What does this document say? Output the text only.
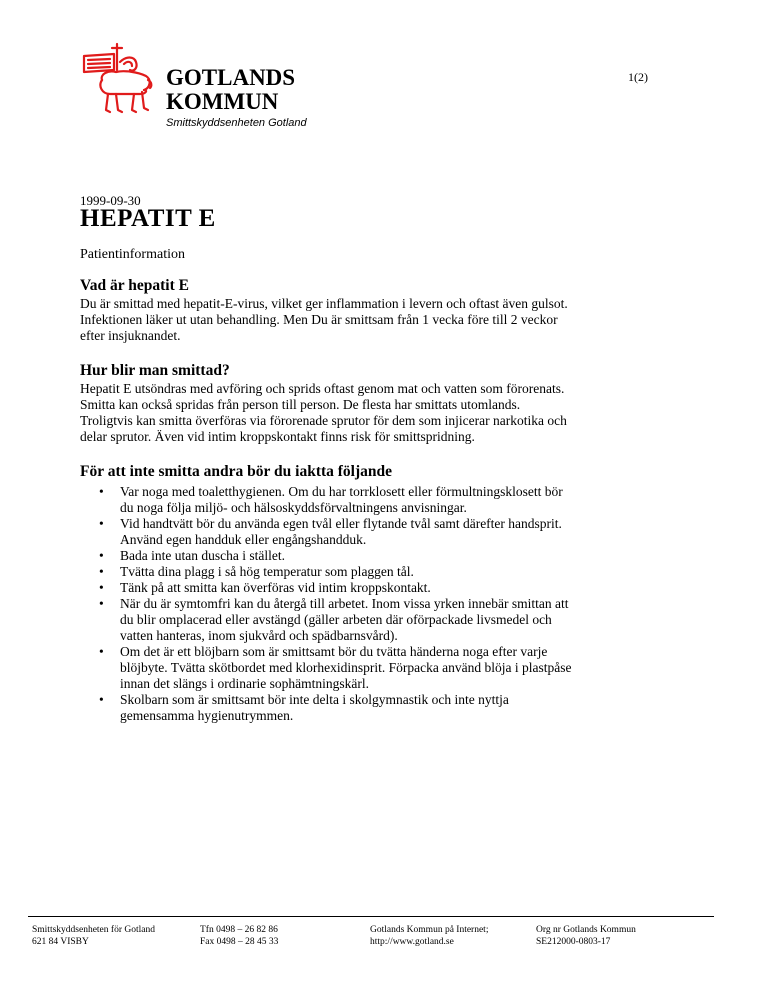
GOTLANDS
KOMMUN
Smittskyddsenheten Gotland
1(2)
1999-09-30
HEPATIT E
Patientinformation
Vad är hepatit E

Du är smittad med hepatit-E-virus, vilket ger inflammation i levern och oftast även gulsot.
Infektionen läker ut utan behandling. Men Du är smittsam från 1 vecka före till 2 veckor
efter insjuknandet.

Hur blir man smittad?

Hepatit E utsöndras med avföring och sprids oftast genom mat och vatten som förorenats.
Smitta kan också spridas från person till person. De flesta har smittats utomlands.
Troligtvis kan smitta överföras via förorenade sprutor för dem som injicerar narkotika och
delar sprutor. Även vid intim kroppskontakt finns risk för smittspridning.

För att inte smitta andra bör du iaktta följande
• Var noga med toaletthygienen. Om du har torrklosett eller förmultningsklosett bör
du noga följa miljö- och hälsoskyddsförvaltningens anvisningar.
• Vid handtvätt bör du använda egen tvål eller flytande tvål samt därefter handsprit.
Använd egen handduk eller engångshandduk.
• Bada inte utan duscha i stället.
• Tvätta dina plagg i så hög temperatur som plaggen tål.
• Tänk på att smitta kan överföras vid intim kroppskontakt.
• När du är symtomfri kan du återgå till arbetet. Inom vissa yrken innebär smittan att
du blir omplacerad eller avstängd (gäller arbeten där oförpackade livsmedel och
vatten hanteras, inom sjukvård och spädbarnsvård).
• Om det är ett blöjbarn som är smittsamt bör du tvätta händerna noga efter varje
blöjbyte. Tvätta skötbordet med klorhexidinsprit. Förpacka använd blöja i plastpåse
innan det slängs i ordinarie sophämtningskärl.
• Skolbarn som är smittsamt bör inte delta i skolgymnastik och inte nyttja
gemensamma hygienutrymmen.
Smittskyddsenheten för Gotland
621 84 VISBY
Tfn 0498 – 26 82 86
Fax 0498 – 28 45 33
Gotlands Kommun på Internet;
http://www.gotland.se
Org nr Gotlands Kommun
SE212000-0803-17
